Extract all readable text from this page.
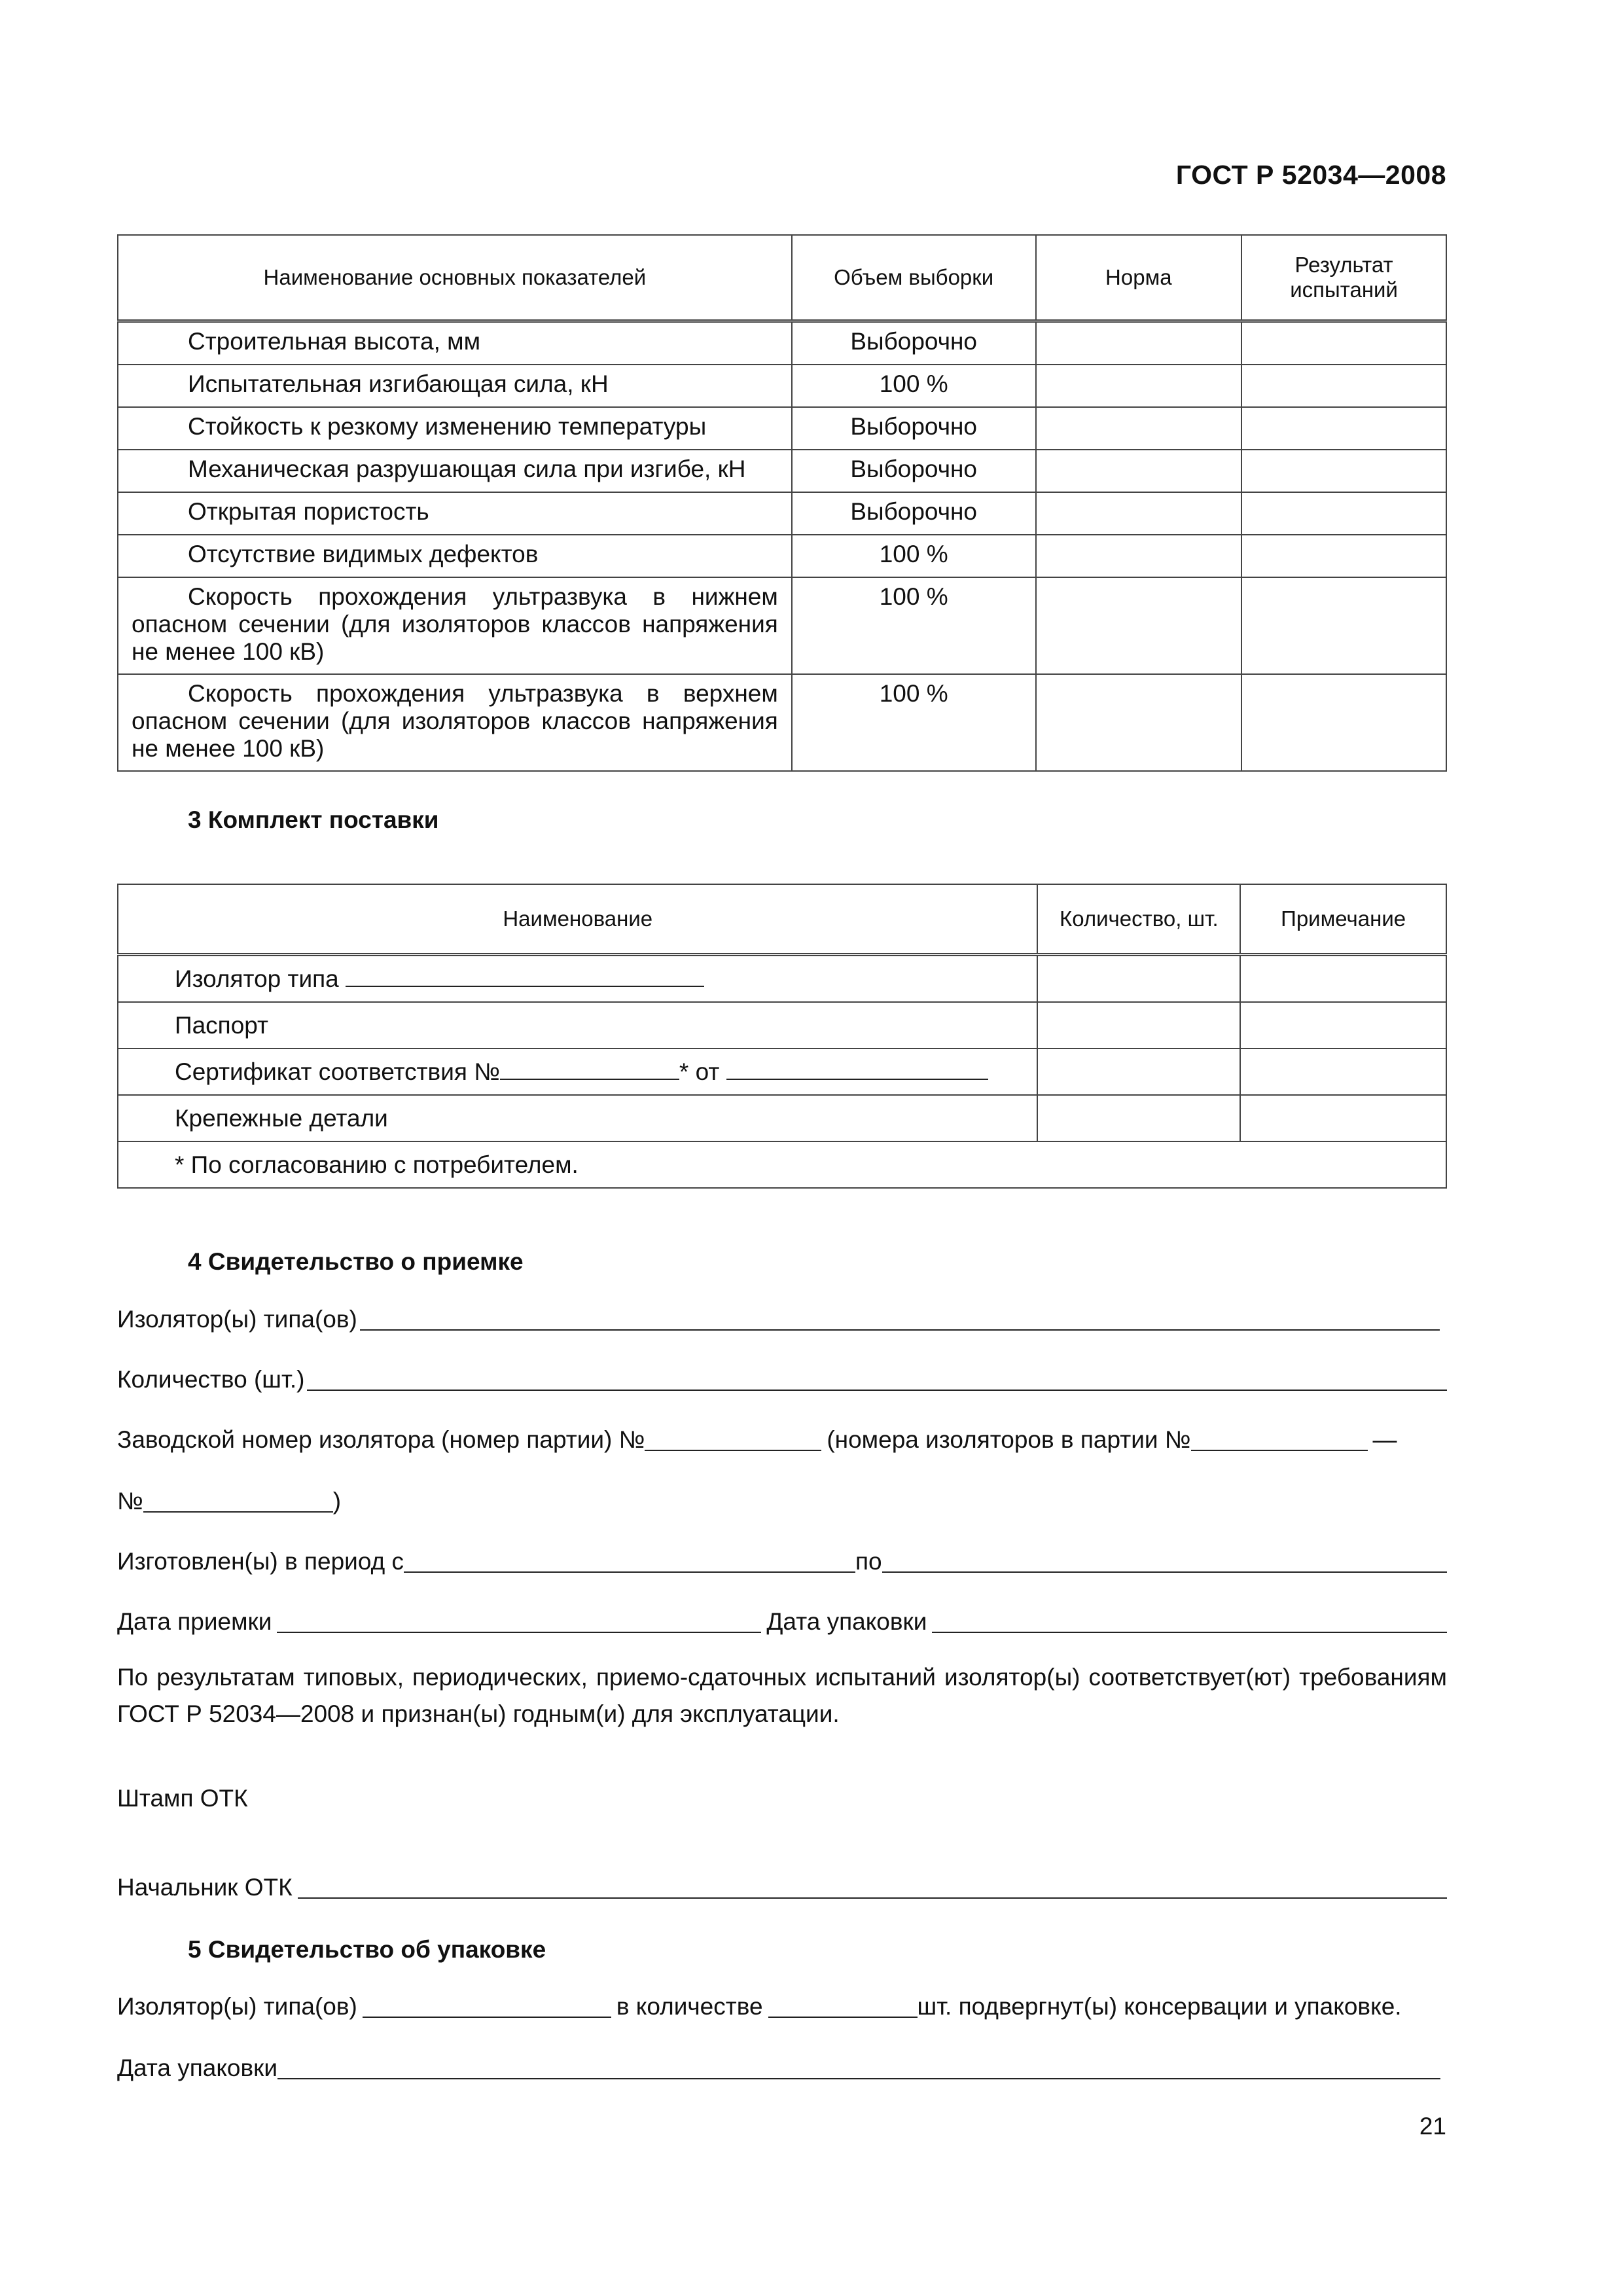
ГОСТ Р 52034—2008
Наименование основных показателей	Объем выборки	Норма	Результат испытаний
Строительная высота, мм	Выборочно		
Испытательная изгибающая сила, кН	100 %		
Стойкость к резкому изменению температуры	Выборочно		
Механическая разрушающая сила при изгибе, кН	Выборочно		
Открытая пористость	Выборочно		
Отсутствие видимых дефектов	100 %		
Скорость прохождения ультразвука в нижнем опасном сечении (для изоляторов классов напряжения не менее 100 кВ)	100 %		
Скорость прохождения ультразвука в верхнем опасном сечении (для изоляторов классов напряжения не менее 100 кВ)	100 %		
3 Комплект поставки
Наименование	Количество, шт.	Примечание
Изолятор типа		
Паспорт		
Сертификат соответствия № * от		
Крепежные детали		
* По согласованию с потребителем.		
4 Свидетельство о приемке
Изолятор(ы) типа(ов)
Количество (шт.)
Заводской номер изолятора (номер партии) №	(номера изоляторов в партии №	—
№	)
Изготовлен(ы) в период с	по
Дата приемки	Дата упаковки
По результатам типовых, периодических, приемо-сдаточных испытаний изолятор(ы) соответствует(ют) требованиям ГОСТ Р 52034—2008 и признан(ы) годным(и) для эксплуатации.
Штамп ОТК
Начальник ОТК
5 Свидетельство об упаковке
Изолятор(ы) типа(ов)	в количестве	шт. подвергнут(ы) консервации и упаковке.
Дата упаковки
21
